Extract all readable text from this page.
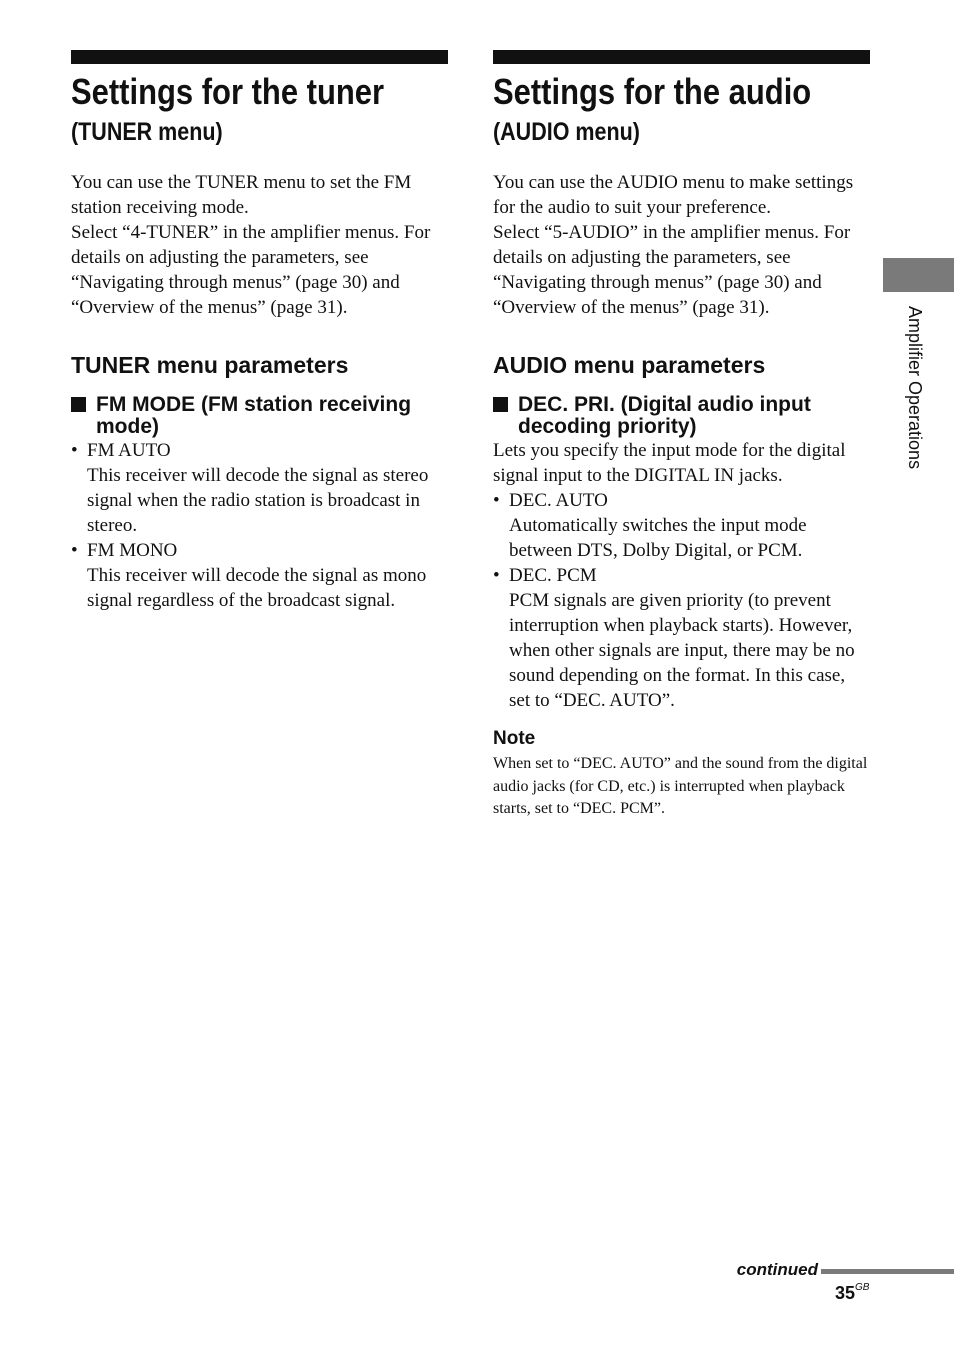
Settings for the tuner
(TUNER menu)

You can use the TUNER menu to set the FM station receiving mode.

Select “4-TUNER” in the amplifier menus. For details on adjusting the parameters, see “Navigating through menus” (page 30) and “Overview of the menus” (page 31).

TUNER menu parameters
FM MODE (FM station receiving mode)
• FM AUTO
This receiver will decode the signal as stereo signal when the radio station is broadcast in stereo.
• FM MONO
This receiver will decode the signal as mono signal regardless of the broadcast signal.
Settings for the audio
(AUDIO menu)

You can use the AUDIO menu to make settings for the audio to suit your preference.

Select “5-AUDIO” in the amplifier menus. For details on adjusting the parameters, see “Navigating through menus” (page 30) and “Overview of the menus” (page 31).

AUDIO menu parameters
DEC. PRI. (Digital audio input decoding priority)

Lets you specify the input mode for the digital signal input to the DIGITAL IN jacks.

• DEC. AUTO
Automatically switches the input mode between DTS, Dolby Digital, or PCM.
• DEC. PCM
PCM signals are given priority (to prevent interruption when playback starts). However, when other signals are input, there may be no sound depending on the format. In this case, set to “DEC. AUTO”.
Note

When set to “DEC. AUTO” and the sound from the digital audio jacks (for CD, etc.) is interrupted when playback starts, set to “DEC. PCM”.

Amplifier Operations
continued
$35^{GB}$
